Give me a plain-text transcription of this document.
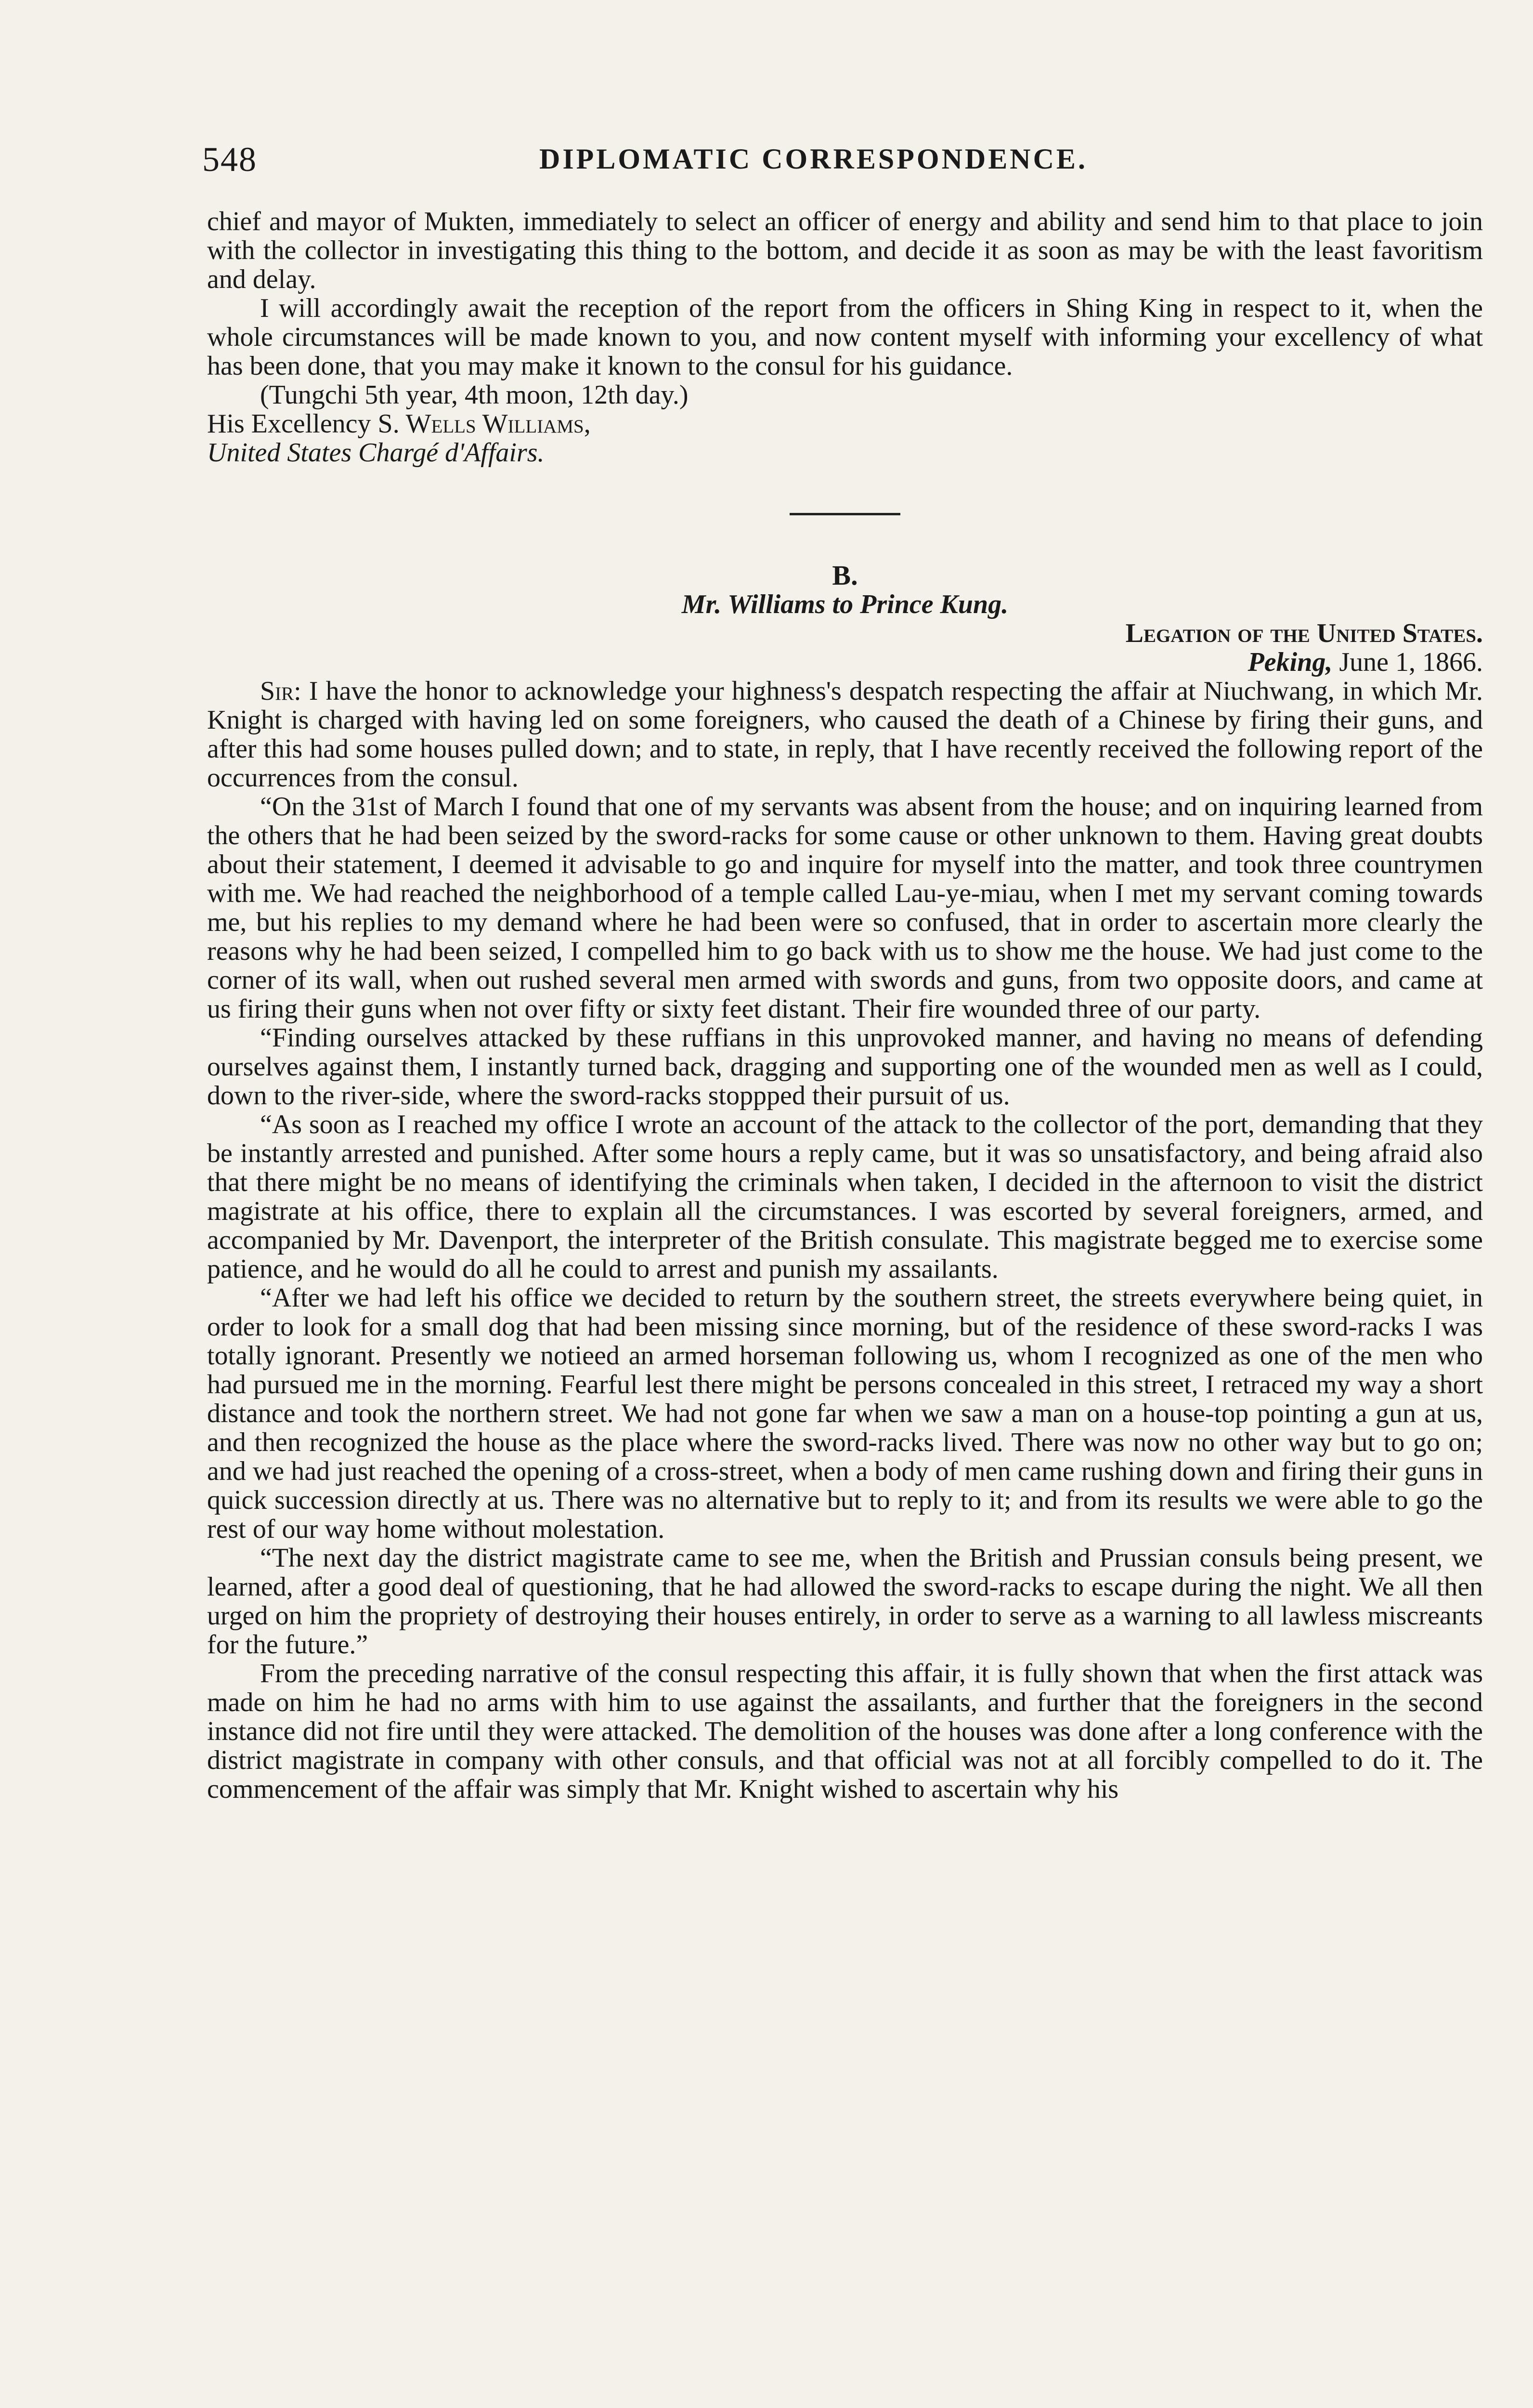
548	DIPLOMATIC CORRESPONDENCE.

chief and mayor of Mukten, immediately to select an officer of energy and ability and send him to that place to join with the collector in investigating this thing to the bottom, and decide it as soon as may be with the least favoritism and delay.

I will accordingly await the reception of the report from the officers in Shing King in respect to it, when the whole circumstances will be made known to you, and now content myself with informing your excellency of what has been done, that you may make it known to the consul for his guidance.

(Tungchi 5th year, 4th moon, 12th day.)

His Excellency S. Wells Williams,

United States Chargé d'Affairs.

B.

Mr. Williams to Prince Kung.

Legation of the United States.

Peking, June 1, 1866.

Sir: I have the honor to acknowledge your highness's despatch respecting the affair at Niuchwang, in which Mr. Knight is charged with having led on some foreigners, who caused the death of a Chinese by firing their guns, and after this had some houses pulled down; and to state, in reply, that I have recently received the following report of the occurrences from the consul.

“On the 31st of March I found that one of my servants was absent from the house; and on inquiring learned from the others that he had been seized by the sword-racks for some cause or other unknown to them. Having great doubts about their statement, I deemed it advisable to go and inquire for myself into the matter, and took three countrymen with me. We had reached the neighborhood of a temple called Lau-ye-miau, when I met my servant coming towards me, but his replies to my demand where he had been were so confused, that in order to ascertain more clearly the reasons why he had been seized, I compelled him to go back with us to show me the house. We had just come to the corner of its wall, when out rushed several men armed with swords and guns, from two opposite doors, and came at us firing their guns when not over fifty or sixty feet distant. Their fire wounded three of our party.

“Finding ourselves attacked by these ruffians in this unprovoked manner, and having no means of defending ourselves against them, I instantly turned back, dragging and supporting one of the wounded men as well as I could, down to the river-side, where the sword-racks stoppped their pursuit of us.

“As soon as I reached my office I wrote an account of the attack to the collector of the port, demanding that they be instantly arrested and punished. After some hours a reply came, but it was so unsatisfactory, and being afraid also that there might be no means of identifying the criminals when taken, I decided in the afternoon to visit the district magistrate at his office, there to explain all the circumstances. I was escorted by several foreigners, armed, and accompanied by Mr. Davenport, the interpreter of the British consulate. This magistrate begged me to exercise some patience, and he would do all he could to arrest and punish my assailants.

“After we had left his office we decided to return by the southern street, the streets everywhere being quiet, in order to look for a small dog that had been missing since morning, but of the residence of these sword-racks I was totally ignorant. Presently we notieed an armed horseman following us, whom I recognized as one of the men who had pursued me in the morning. Fearful lest there might be persons concealed in this street, I retraced my way a short distance and took the northern street. We had not gone far when we saw a man on a house-top pointing a gun at us, and then recognized the house as the place where the sword-racks lived. There was now no other way but to go on; and we had just reached the opening of a cross-street, when a body of men came rushing down and firing their guns in quick succession directly at us. There was no alternative but to reply to it; and from its results we were able to go the rest of our way home without molestation.

“The next day the district magistrate came to see me, when the British and Prussian consuls being present, we learned, after a good deal of questioning, that he had allowed the sword-racks to escape during the night. We all then urged on him the propriety of destroying their houses entirely, in order to serve as a warning to all lawless miscreants for the future.”

From the preceding narrative of the consul respecting this affair, it is fully shown that when the first attack was made on him he had no arms with him to use against the assailants, and further that the foreigners in the second instance did not fire until they were attacked. The demolition of the houses was done after a long conference with the district magistrate in company with other consuls, and that official was not at all forcibly compelled to do it. The commencement of the affair was simply that Mr. Knight wished to ascertain why his
